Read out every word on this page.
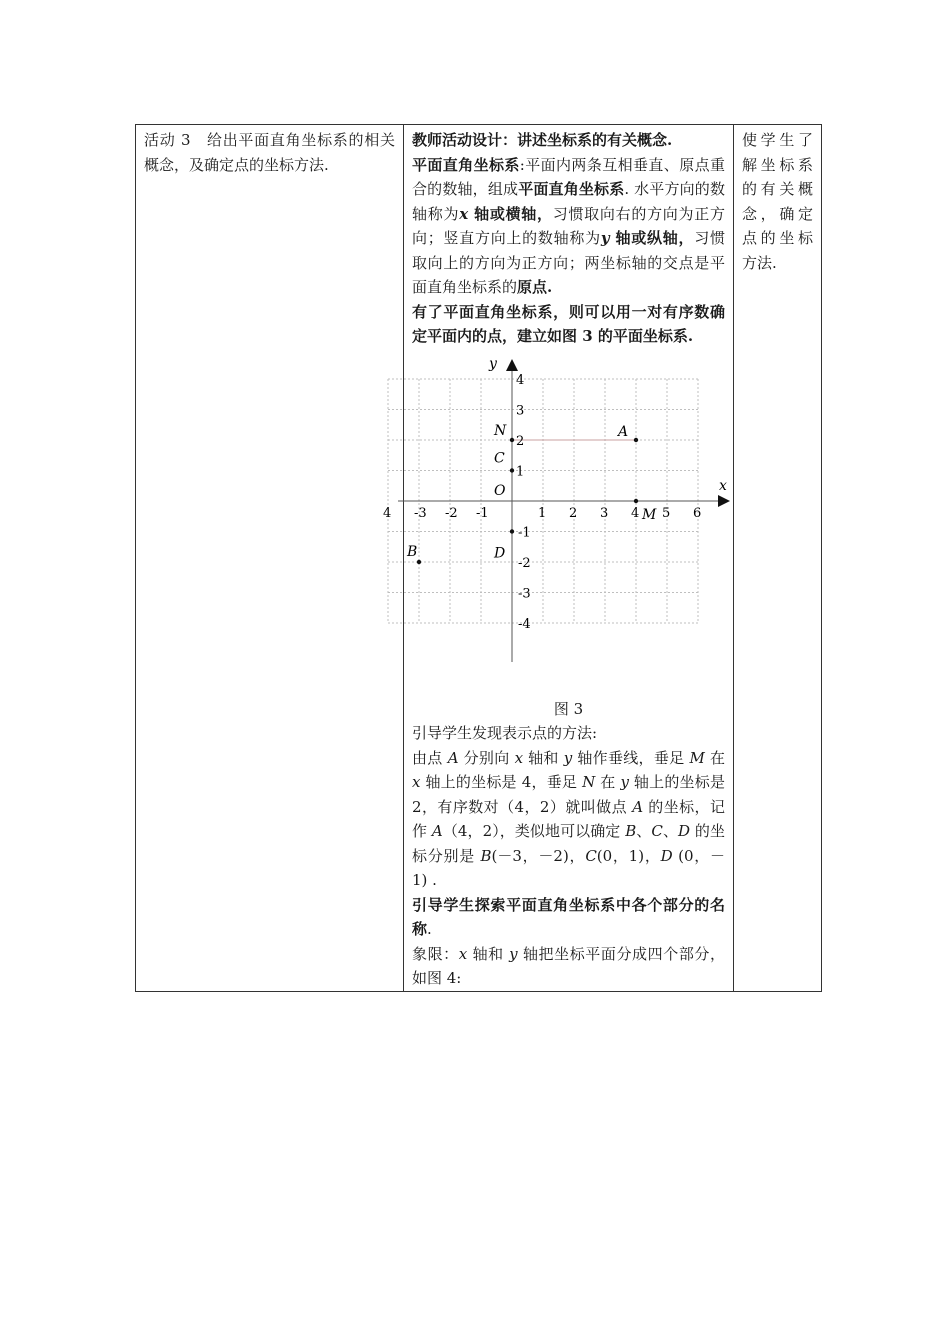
活动 3　给出平面直角坐标系的相关概念，及确定点的坐标方法.

教师活动设计：讲述坐标系的有关概念.

平面直角坐标系:平面内两条互相垂直、原点重合的数轴，组成平面直角坐标系. 水平方向的数轴称为x 轴或横轴，习惯取向右的方向为正方向；竖直方向上的数轴称为y 轴或纵轴，习惯取向上的方向为正方向；两坐标轴的交点是平面直角坐标系的原点.

有了平面直角坐标系，则可以用一对有序数确定平面内的点，建立如图 3 的平面坐标系.

y
x
O
4 -3 -2 -1	1 2 3 4 5 6
4
3
2
1
-1
-2
-3
-4
A
B
C
D
M
N

图 3

引导学生发现表示点的方法:

由点 A 分别向 x 轴和 y 轴作垂线，垂足 M 在 x 轴上的坐标是 4，垂足 N 在 y 轴上的坐标是 2，有序数对（4，2）就叫做点 A 的坐标，记作 A（4，2），类似地可以确定 B、C、D 的坐标分别是 B(－3，－2)，C(0，1)，D (0，－1) .

引导学生探索平面直角坐标系中各个部分的名称.

象限：x 轴和 y 轴把坐标平面分成四个部分，如图 4:

使学生了解坐标系的有关概念，确定点的坐标方法.
